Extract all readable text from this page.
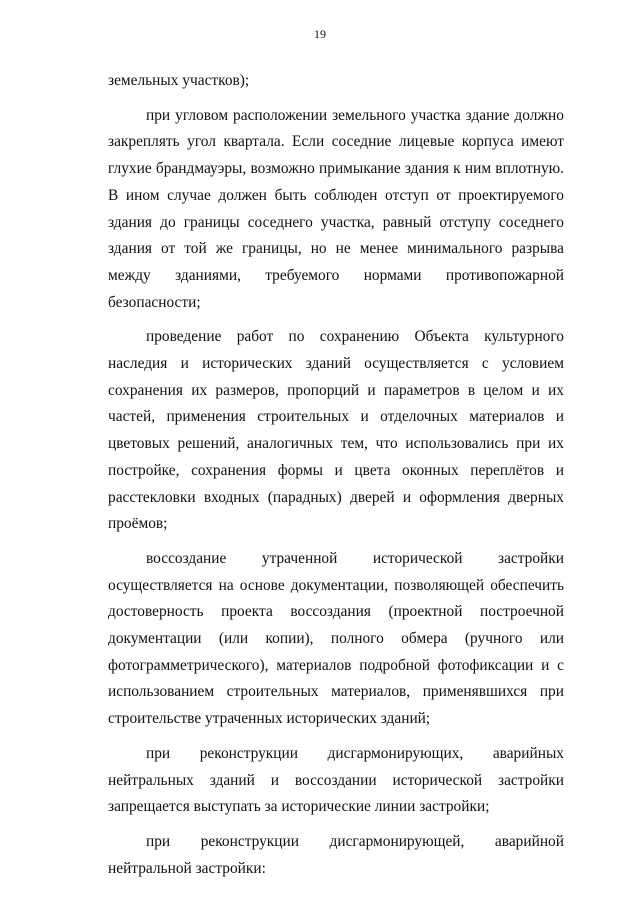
19

земельных участков);

при угловом расположении земельного участка здание должно закреплять угол квартала. Если соседние лицевые корпуса имеют глухие брандмауэры, возможно примыкание здания к ним вплотную. В ином случае должен быть соблюден отступ от проектируемого здания до границы соседнего участка, равный отступу соседнего здания от той же границы, но не менее минимального разрыва между зданиями, требуемого нормами противопожарной безопасности;

проведение работ по сохранению Объекта культурного наследия и исторических зданий осуществляется с условием сохранения их размеров, пропорций и параметров в целом и их частей, применения строительных и отделочных материалов и цветовых решений, аналогичных тем, что использовались при их постройке, сохранения формы и цвета оконных переплётов и расстекловки входных (парадных) дверей и оформления дверных проёмов;

воссоздание утраченной исторической застройки осуществляется на основе документации, позволяющей обеспечить достоверность проекта воссоздания (проектной построечной документации (или копии), полного обмера (ручного или фотограмметрического), материалов подробной фотофиксации и с использованием строительных материалов, применявшихся при строительстве утраченных исторических зданий;

при реконструкции дисгармонирующих, аварийных нейтральных зданий и воссоздании исторической застройки запрещается выступать за исторические линии застройки;

при реконструкции дисгармонирующей, аварийной нейтральной застройки:
